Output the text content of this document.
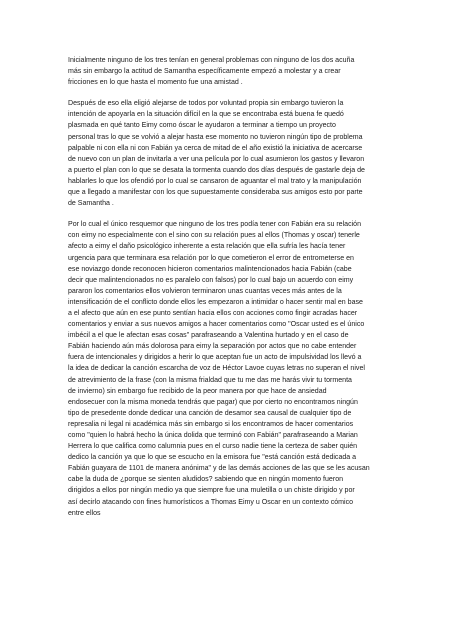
Inicialmente ninguno de los tres tenían en general problemas con ninguno de los dos acuña
más sin embargo la actitud de Samantha específicamente empezó a molestar y a crear
fricciones en lo que hasta el momento fue una amistad .

Después de eso ella eligió alejarse de todos por voluntad propia sin embargo tuvieron la
intención de apoyarla en la situación difícil en la que se encontraba está buena fe quedó
plasmada en qué tanto Eimy como óscar le ayudaron a terminar a tiempo un proyecto
personal tras lo que se volvió a alejar hasta ese momento no tuvieron ningún tipo de problema
palpable ni con ella ni con Fabián ya cerca de mitad de el año existió la iniciativa de acercarse
de nuevo con un plan de invitarla a ver una película por lo cual asumieron los gastos y llevaron
a puerto el plan con lo que se desata la tormenta cuando dos días después de gastarle deja de
hablarles lo que los ofendió por lo cual se cansaron de aguantar el mal trato y la manipulación
que a llegado a manifestar con los que supuestamente consideraba sus amigos esto por parte
de Samantha .

Por lo cual el único resquemor que ninguno de los tres podía tener con Fabián era su relación
con eimy no especialmente con el sino con su relación pues al ellos (Thomas y oscar) tenerle
afecto a eimy el daño psicológico inherente a esta relación que ella sufría les hacía tener
urgencia para que terminara esa relación por lo que cometieron el error de entrometerse en
ese noviazgo donde reconocen hicieron comentarios malintencionados hacia Fabián (cabe
decir que malintencionados no es paralelo con falsos) por lo cual bajo un acuerdo con eimy
pararon los comentarios ellos volvieron terminaron unas cuantas veces más antes de la
intensificación de el conflicto donde ellos les empezaron a intimidar o hacer sentir mal en base
a el afecto que aún en ese punto sentían hacia ellos con acciones como fingir acradas hacer
comentarios y enviar a sus nuevos amigos a hacer comentarios como "Oscar usted es el único
imbécil a el que le afectan esas cosas" parafraseando a Valentina hurtado y en el caso de
Fabián haciendo aún más dolorosa para eimy la separación por actos que no cabe entender
fuera de intencionales y dirigidos a herir lo que aceptan fue un acto de impulsividad los llevó a
la idea de dedicar la canción escarcha de voz de Héctor Lavoe cuyas letras no superan el nivel
de atrevimiento de la frase (con la misma frialdad que tu me das me harás vivir tu tormenta
de invierno) sin embargo fue recibido de la peor manera por que hace de ansiedad
endosecuer con la misma moneda tendrás que pagar) que por cierto no encontramos ningún
tipo de presedente donde dedicar una canción de desamor sea causal de cualquier tipo de
represalia ni legal ni académica más sin embargo si los encontramos de hacer comentarios
como "quien lo habrá hecho la única dolida que terminó con Fabián" parafraseando a Marian
Herrera lo que califica como calumnia pues en el curso nadie tiene la certeza de saber quién
dedico la canción ya que lo que se escucho en la emisora fue "está canción está dedicada a
Fabián guayara de 1101 de manera anónima" y de las demás acciones de las que se les acusan
cabe la duda de ¿porque se sienten aludidos? sabiendo que en ningún momento fueron
dirigidos a ellos por ningún medio ya que siempre fue una muletilla o un chiste dirigido y por
así decirlo atacando con fines humorísticos a Thomas Eimy u Oscar en un contexto cómico
entre ellos
